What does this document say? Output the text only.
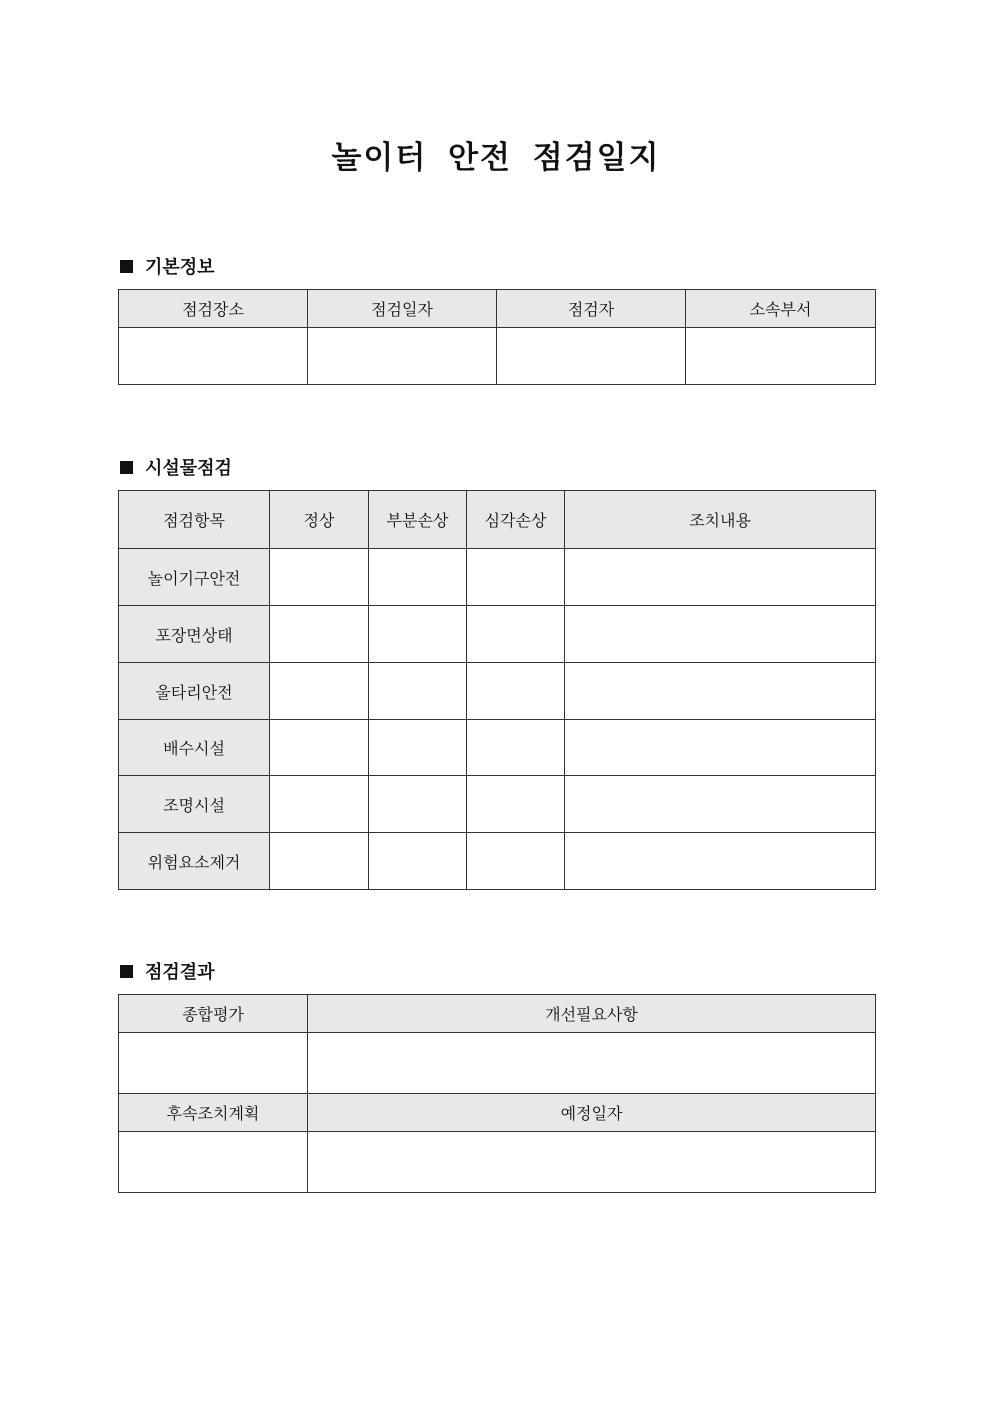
놀이터 안전 점검일지
기본정보
점검장소	점검일자	점검자	소속부서

시설물점검
점검항목	정상	부분손상	심각손상	조치내용
놀이기구안전				
포장면상태				
울타리안전				
배수시설				
조명시설				
위험요소제거				
점검결과
종합평가	개선필요사항

후속조치계획	예정일자
